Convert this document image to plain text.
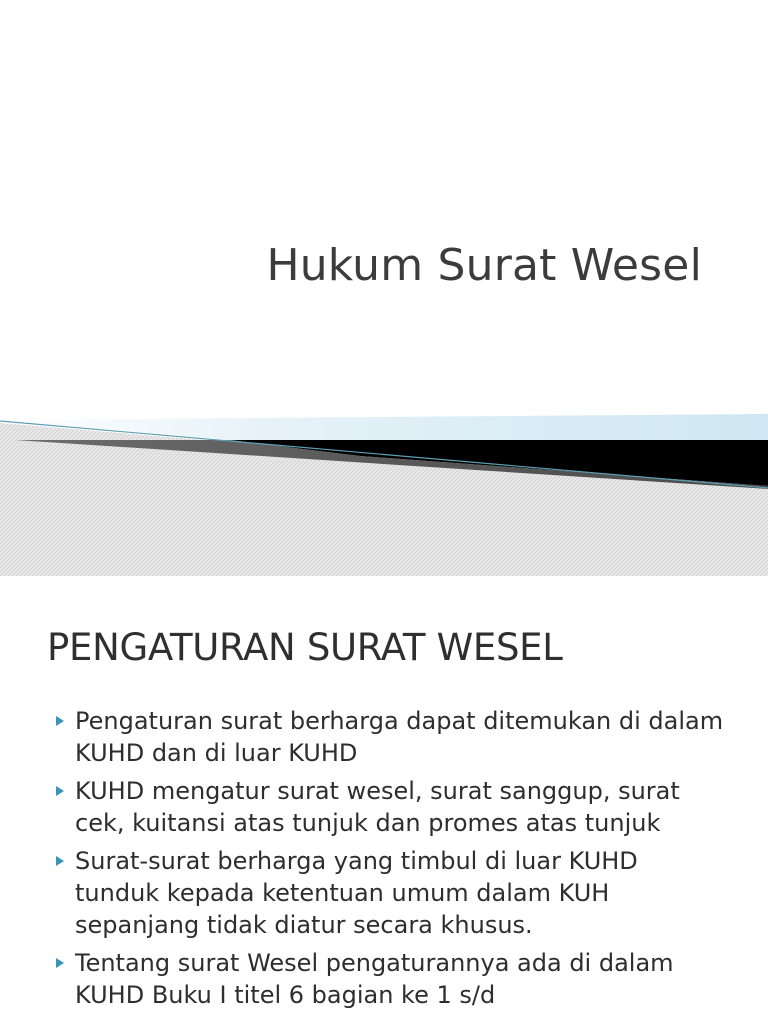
Hukum Surat Wesel
PENGATURAN SURAT WESEL
Pengaturan surat berharga dapat ditemukan di dalam KUHD dan di luar KUHD
KUHD mengatur surat wesel, surat sanggup, surat cek, kuitansi atas tunjuk dan promes atas tunjuk
Surat-surat berharga yang timbul di luar KUHD tunduk kepada ketentuan umum dalam KUH sepanjang tidak diatur secara khusus.
Tentang surat Wesel pengaturannya ada di dalam KUHD Buku I titel 6 bagian ke 1 s/d
